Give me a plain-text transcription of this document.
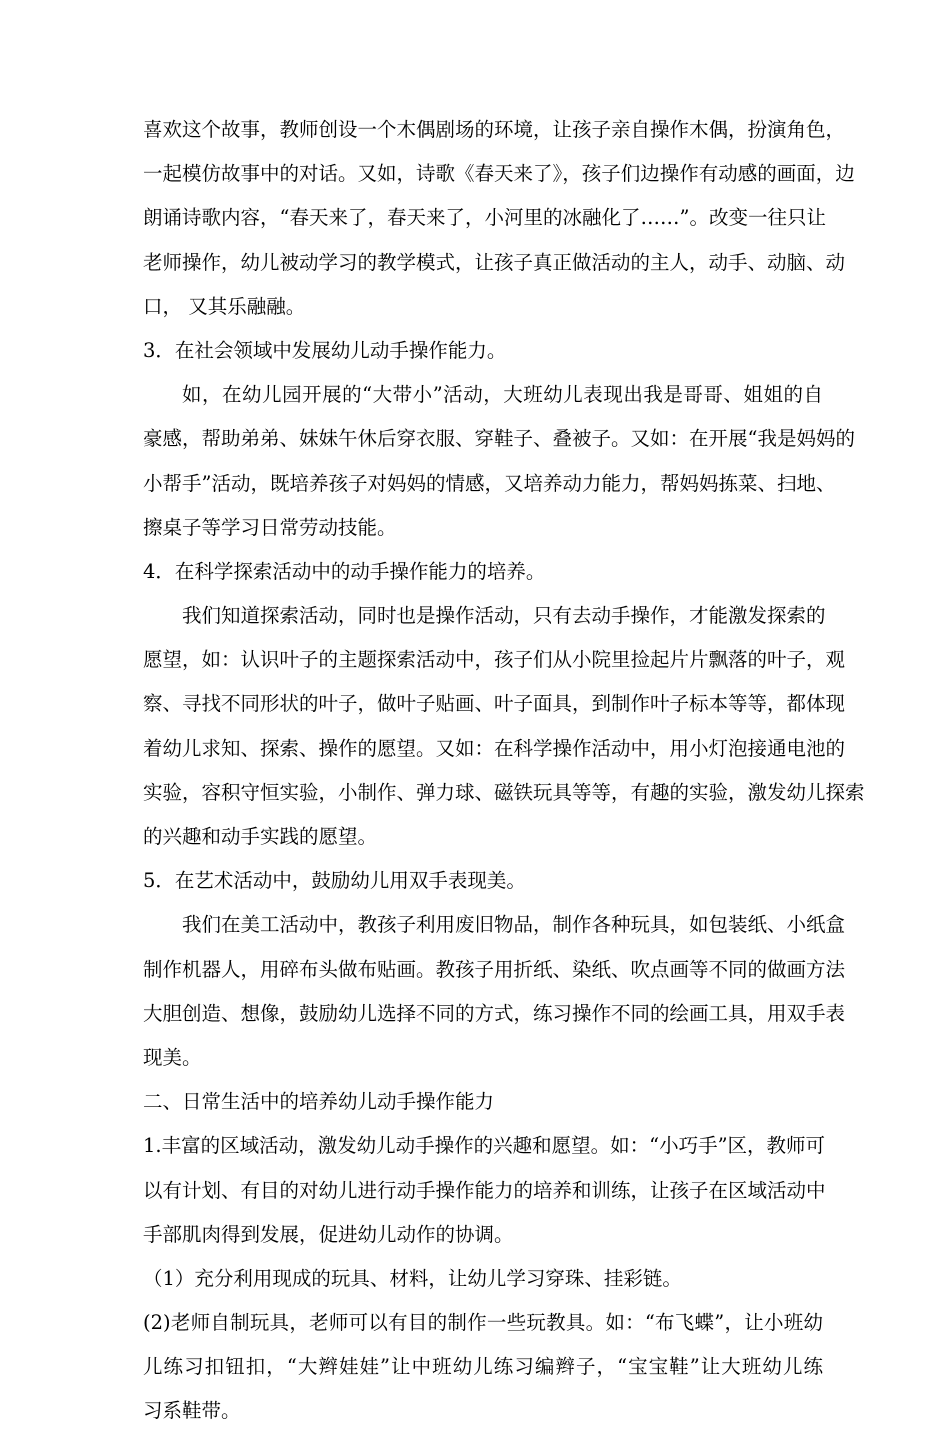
喜欢这个故事，教师创设一个木偶剧场的环境，让孩子亲自操作木偶，扮演角色，
一起模仿故事中的对话。又如，诗歌《春天来了》，孩子们边操作有动感的画面，边
朗诵诗歌内容，“春天来了，春天来了，小河里的冰融化了……”。改变一往只让
老师操作，幼儿被动学习的教学模式，让孩子真正做活动的主人，动手、动脑、动
口， 又其乐融融。
3．在社会领域中发展幼儿动手操作能力。
如，在幼儿园开展的“大带小”活动，大班幼儿表现出我是哥哥、姐姐的自
豪感，帮助弟弟、妹妹午休后穿衣服、穿鞋子、叠被子。又如：在开展“我是妈妈的
小帮手”活动，既培养孩子对妈妈的情感，又培养动力能力，帮妈妈拣菜、扫地、
擦桌子等学习日常劳动技能。
4．在科学探索活动中的动手操作能力的培养。
我们知道探索活动，同时也是操作活动，只有去动手操作，才能激发探索的
愿望，如：认识叶子的主题探索活动中，孩子们从小院里捡起片片飘落的叶子，观
察、寻找不同形状的叶子，做叶子贴画、叶子面具，到制作叶子标本等等，都体现
着幼儿求知、探索、操作的愿望。又如：在科学操作活动中，用小灯泡接通电池的
实验，容积守恒实验，小制作、弹力球、磁铁玩具等等，有趣的实验，激发幼儿探索
的兴趣和动手实践的愿望。
5．在艺术活动中，鼓励幼儿用双手表现美。
我们在美工活动中，教孩子利用废旧物品，制作各种玩具，如包装纸、小纸盒
制作机器人，用碎布头做布贴画。教孩子用折纸、染纸、吹点画等不同的做画方法
大胆创造、想像，鼓励幼儿选择不同的方式，练习操作不同的绘画工具，用双手表
现美。
二、日常生活中的培养幼儿动手操作能力
1.丰富的区域活动，激发幼儿动手操作的兴趣和愿望。如：“小巧手”区，教师可
以有计划、有目的对幼儿进行动手操作能力的培养和训练，让孩子在区域活动中
手部肌肉得到发展，促进幼儿动作的协调。
（1）充分利用现成的玩具、材料，让幼儿学习穿珠、挂彩链。
(2)老师自制玩具，老师可以有目的制作一些玩教具。如：“布飞蝶”，让小班幼
儿练习扣钮扣，“大辫娃娃”让中班幼儿练习编辫子，“宝宝鞋”让大班幼儿练
习系鞋带。
